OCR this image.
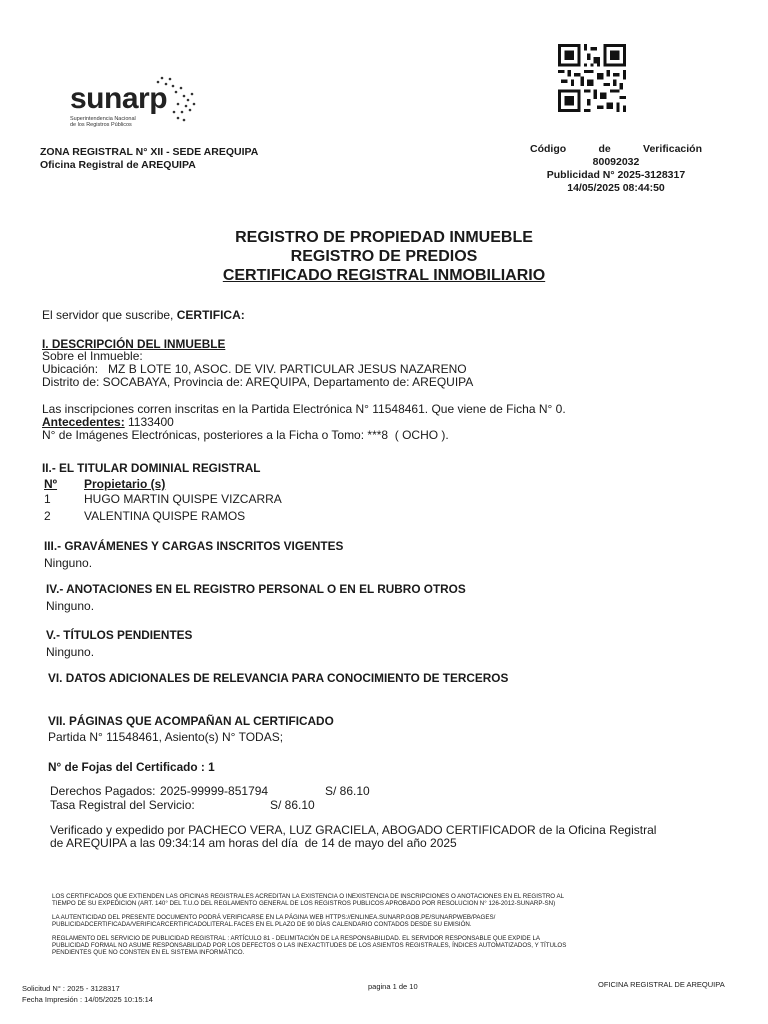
sunarp
Superintendencia Nacional
de los Registros Públicos
ZONA REGISTRAL N° XII - SEDE AREQUIPA
Oficina Registral de AREQUIPA
Código	de	Verificación
80092032
Publicidad N° 2025-3128317
14/05/2025 08:44:50
REGISTRO DE PROPIEDAD INMUEBLE
REGISTRO DE PREDIOS
CERTIFICADO REGISTRAL INMOBILIARIO
El servidor que suscribe, CERTIFICA:
I. DESCRIPCIÓN DEL INMUEBLE
Sobre el Inmueble:
Ubicación:   MZ B LOTE 10, ASOC. DE VIV. PARTICULAR JESUS NAZARENO
Distrito de: SOCABAYA, Provincia de: AREQUIPA, Departamento de: AREQUIPA
Las inscripciones corren inscritas en la Partida Electrónica N° 11548461. Que viene de Ficha N° 0.
Antecedentes: 1133400
N° de Imágenes Electrónicas, posteriores a la Ficha o Tomo: ***8  ( OCHO ).
II.- EL TITULAR DOMINIAL REGISTRAL
Nº	Propietario (s)
1	HUGO MARTIN QUISPE VIZCARRA
2	VALENTINA QUISPE RAMOS
III.- GRAVÁMENES Y CARGAS INSCRITOS VIGENTES
Ninguno.
IV.- ANOTACIONES EN EL REGISTRO PERSONAL O EN EL RUBRO OTROS
Ninguno.
V.- TÍTULOS PENDIENTES
Ninguno.
VI. DATOS ADICIONALES DE RELEVANCIA PARA CONOCIMIENTO DE TERCEROS
VII. PÁGINAS QUE ACOMPAÑAN AL CERTIFICADO
Partida N° 11548461, Asiento(s) N° TODAS;
N° de Fojas del Certificado : 1
Derechos Pagados: 2025-99999-851794	S/ 86.10
Tasa Registral del Servicio:	S/ 86.10
Verificado y expedido por PACHECO VERA, LUZ GRACIELA, ABOGADO CERTIFICADOR de la Oficina Registral
de AREQUIPA a las 09:34:14 am horas del día  de 14 de mayo del año 2025
LOS CERTIFICADOS QUE EXTIENDEN LAS OFICINAS REGISTRALES ACREDITAN LA EXISTENCIA O INEXISTENCIA DE INSCRIPCIONES O ANOTACIONES EN EL REGISTRO AL
TIEMPO DE SU EXPEDICION (ART. 140° DEL T.U.O DEL REGLAMENTO GENERAL DE LOS REGISTROS PUBLICOS APROBADO POR RESOLUCION N° 126-2012-SUNARP-SN)
LA AUTENTICIDAD DEL PRESENTE DOCUMENTO PODRÁ VERIFICARSE EN LA PÁGINA WEB HTTPS://ENLINEA.SUNARP.GOB.PE/SUNARPWEB/PAGES/
PUBLICIDADCERTIFICADA/VERIFICARCERTIFICADOLITERAL.FACES EN EL PLAZO DE 90 DÍAS CALENDARIO CONTADOS DESDE SU EMISIÓN.
REGLAMENTO DEL SERVICIO DE PUBLICIDAD REGISTRAL : ARTÍCULO 81 - DELIMITACIÓN DE LA RESPONSABILIDAD. EL SERVIDOR RESPONSABLE QUE EXPIDE LA
PUBLICIDAD FORMAL NO ASUME RESPONSABILIDAD POR LOS DEFECTOS O LAS INEXACTITUDES DE LOS ASIENTOS REGISTRALES, ÍNDICES AUTOMATIZADOS, Y TÍTULOS
PENDIENTES QUE NO CONSTEN EN EL SISTEMA INFORMÁTICO.
Solicitud N° : 2025 - 3128317
Fecha Impresión : 14/05/2025 10:15:14
pagina 1 de 10	OFICINA REGISTRAL DE AREQUIPA
